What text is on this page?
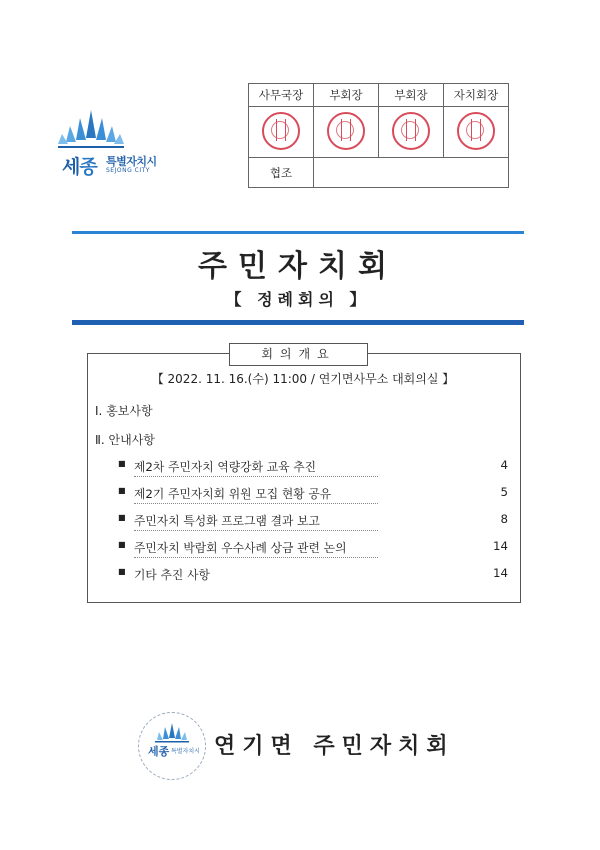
세종 특별자치시
SEJONG CITY
	사무국장	부회장	부회장	자치회장

	협조			
주민자치회
【 정례회의 】
회의개요
【 2022. 11. 16.(수) 11:00 / 연기면사무소 대회의실 】
Ⅰ. 홍보사항
Ⅱ. 안내사항
■ 제2차 주민자치 역량강화 교육 추진	4
■ 제2기 주민자치회 위원 모집 현황 공유	5
■ 주민자치 특성화 프로그램 결과 보고	8
■ 주민자치 박람회 우수사례 상금 관련 논의	14
■ 기타 추진 사항	14
세종 특별자치시 연기면 주민자치회
